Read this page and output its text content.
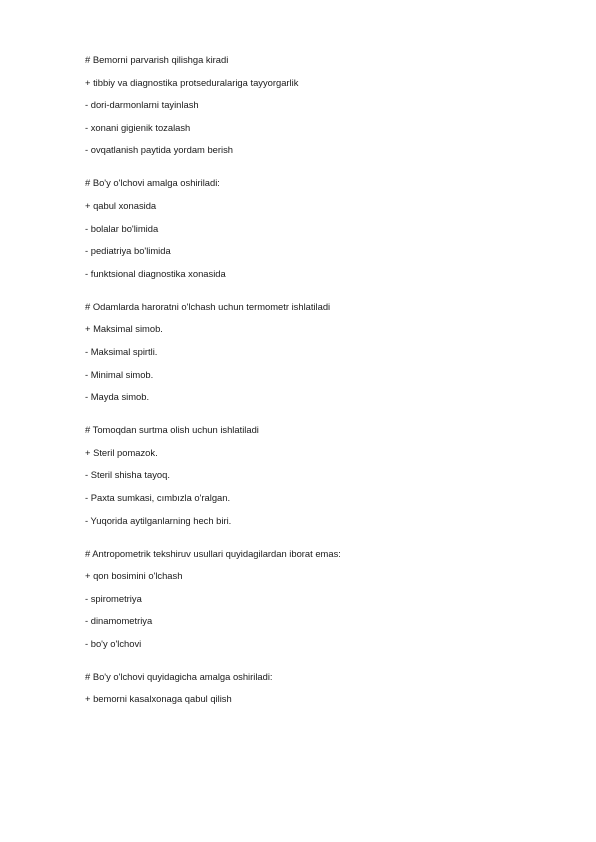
# Bemorni parvarish qilishga kiradi
+ tibbiy va diagnostika protseduralariga tayyorgarlik
- dori-darmonlarni tayinlash
- xonani gigienik tozalash
- ovqatlanish paytida yordam berish
# Bo'y o'lchovi amalga oshiriladi:
+ qabul xonasida
- bolalar bo'limida
- pediatriya bo'limida
- funktsional diagnostika xonasida
# Odamlarda haroratni o'lchash uchun termometr ishlatiladi
+ Maksimal simob.
- Maksimal spirtli.
- Minimal simob.
- Mayda simob.
# Tomoqdan surtma olish uchun ishlatiladi
+ Steril pomazok.
- Steril shisha tayoq.
- Paxta sumkasi, cımbızla o'ralgan.
- Yuqorida aytilganlarning hech biri.
# Antropometrik tekshiruv usullari quyidagilardan iborat emas:
+ qon bosimini o'lchash
- spirometriya
- dinamometriya
- bo'y o'lchovi
# Bo'y o'lchovi quyidagicha amalga oshiriladi:
+ bemorni kasalxonaga qabul qilish
